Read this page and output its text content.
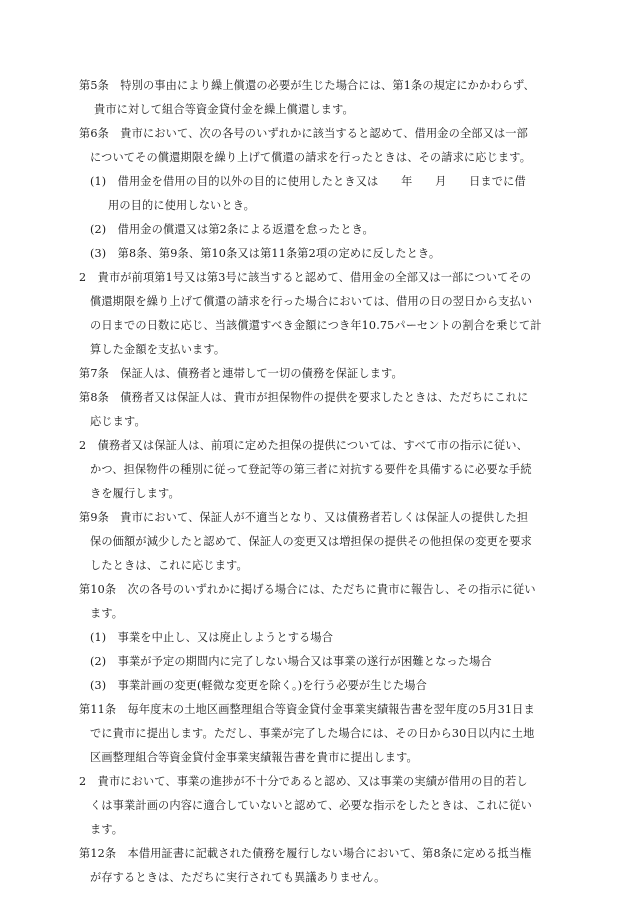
第5条　特別の事由により繰上償還の必要が生じた場合には、第1条の規定にかかわらず、
貴市に対して組合等資金貸付金を繰上償還します。
第6条　貴市において、次の各号のいずれかに該当すると認めて、借用金の全部又は一部
についてその償還期限を繰り上げて償還の請求を行ったときは、その請求に応じます。
(1)　借用金を借用の目的以外の目的に使用したとき又は　　年　　月　　日までに借
用の目的に使用しないとき。
(2)　借用金の償還又は第2条による返還を怠ったとき。
(3)　第8条、第9条、第10条又は第11条第2項の定めに反したとき。
2　貴市が前項第1号又は第3号に該当すると認めて、借用金の全部又は一部についてその
償還期限を繰り上げて償還の請求を行った場合においては、借用の日の翌日から支払い
の日までの日数に応じ、当該償還すべき金額につき年10.75パーセントの割合を乗じて計
算した金額を支払います。
第7条　保証人は、債務者と連帯して一切の債務を保証します。
第8条　債務者又は保証人は、貴市が担保物件の提供を要求したときは、ただちにこれに
応じます。
2　債務者又は保証人は、前項に定めた担保の提供については、すべて市の指示に従い、
かつ、担保物件の種別に従って登記等の第三者に対抗する要件を具備するに必要な手続
きを履行します。
第9条　貴市において、保証人が不適当となり、又は債務者若しくは保証人の提供した担
保の価額が減少したと認めて、保証人の変更又は増担保の提供その他担保の変更を要求
したときは、これに応じます。
第10条　次の各号のいずれかに掲げる場合には、ただちに貴市に報告し、その指示に従い
ます。
(1)　事業を中止し、又は廃止しようとする場合
(2)　事業が予定の期間内に完了しない場合又は事業の遂行が困難となった場合
(3)　事業計画の変更(軽微な変更を除く。)を行う必要が生じた場合
第11条　毎年度末の土地区画整理組合等資金貸付金事業実績報告書を翌年度の5月31日ま
でに貴市に提出します。ただし、事業が完了した場合には、その日から30日以内に土地
区画整理組合等資金貸付金事業実績報告書を貴市に提出します。
2　貴市において、事業の進捗が不十分であると認め、又は事業の実績が借用の目的若し
くは事業計画の内容に適合していないと認めて、必要な指示をしたときは、これに従い
ます。
第12条　本借用証書に記載された債務を履行しない場合において、第8条に定める抵当権
が存するときは、ただちに実行されても異議ありません。
